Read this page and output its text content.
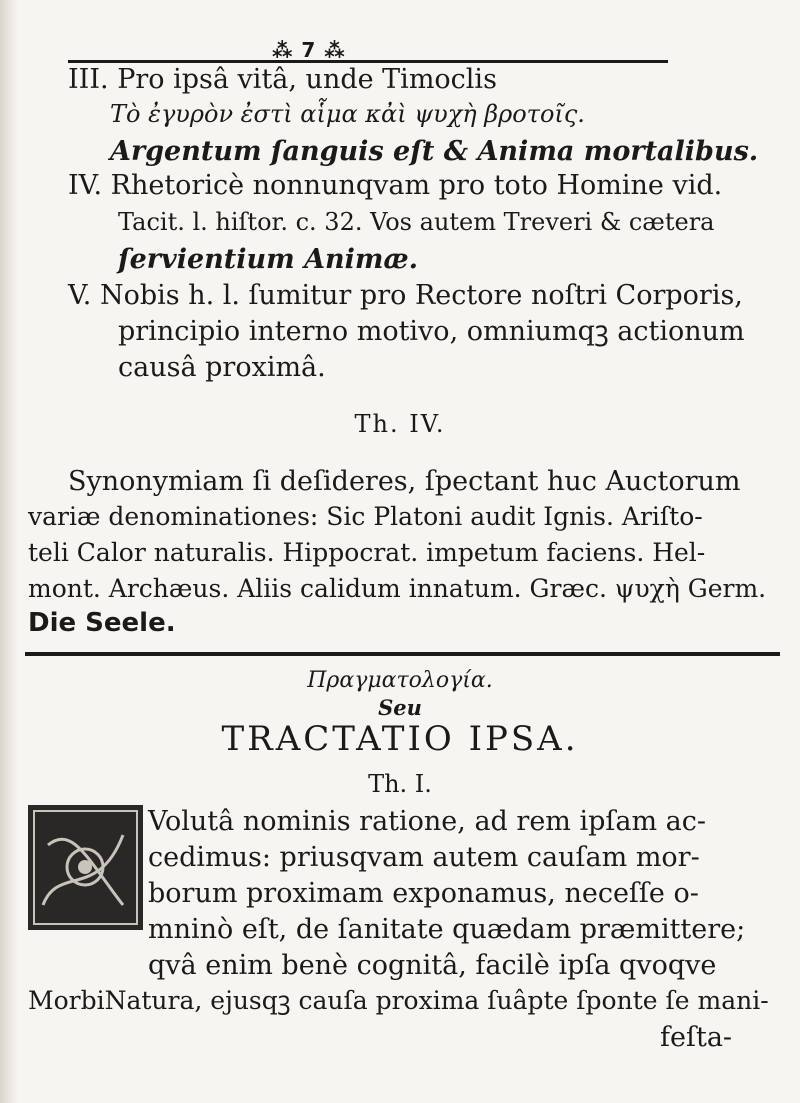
⁂ 7 ⁂
III. Pro ipsâ vitâ, unde Timoclis
Τὸ ἐγυρὸν ἐστὶ αἷμα κἀὶ ψυχὴ βροτοῖς.
Argentum ſanguis eſt & Anima mortalibus.
IV. Rhetoricè nonnunqvam pro toto Homine vid.
Tacit. l. hiſtor. c. 32. Vos autem Treveri & cætera
ſervientium Animæ.
V. Nobis h. l. ſumitur pro Rectore noſtri Corporis,
principio interno motivo, omniumqꝫ actionum
causâ proximâ.
Th. IV.
Synonymiam ſi deſideres, ſpectant huc Auctorum
variæ denominationes: Sic Platoni audit Ignis. Ariſto-
teli Calor naturalis. Hippocrat. impetum faciens. Hel-
mont. Archæus. Aliis calidum innatum. Græc. ψυχὴ Germ.
Die Seele.
Πραγματολογία.
Seu
TRACTATIO IPSA.
Th. I.
Volutâ nominis ratione, ad rem ipſam ac-
cedimus: priusqvam autem cauſam mor-
borum proximam exponamus, neceſſe o-
mninò eſt, de ſanitate quædam præmittere;
qvâ enim benè cognitâ, facilè ipſa qvoqve
MorbiNatura, ejusqꝫ cauſa proxima ſuâpte ſponte ſe mani-
feſta-
